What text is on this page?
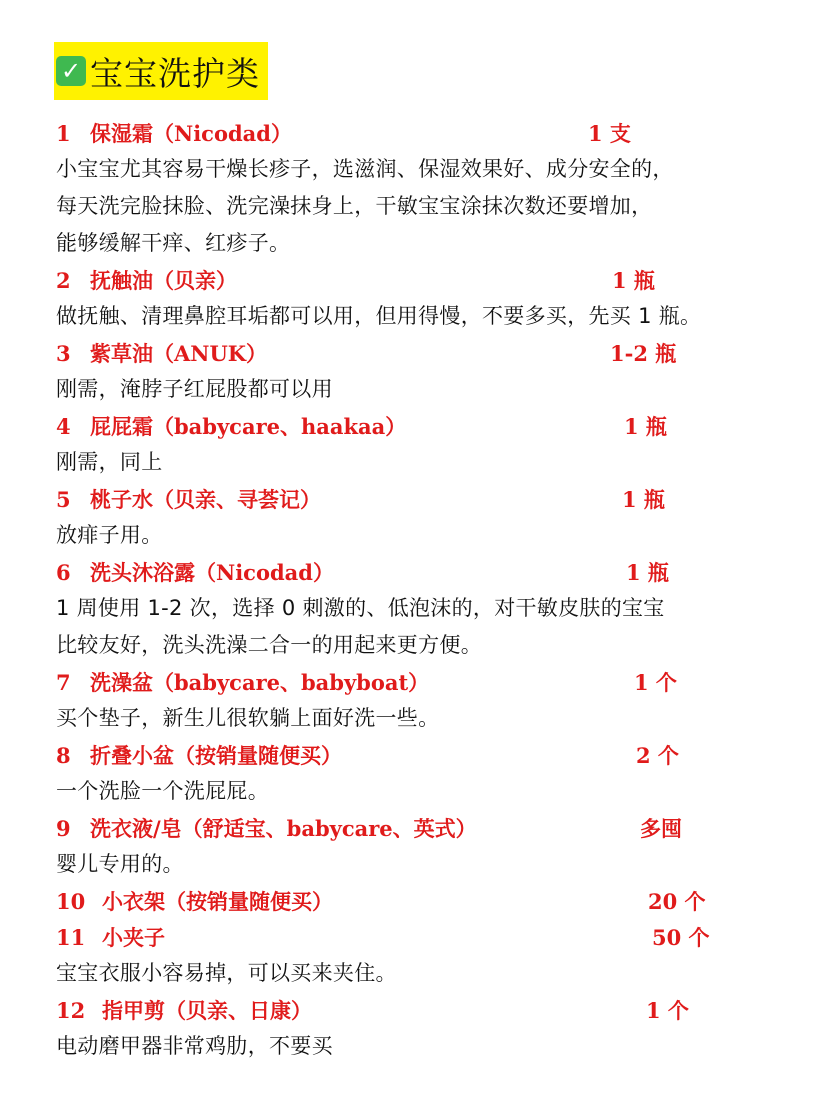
✓ 宝宝洗护类
1 保湿霜（Nicodad）	1 支
小宝宝尤其容易干燥长疹子，选滋润、保湿效果好、成分安全的，
每天洗完脸抹脸、洗完澡抹身上，干敏宝宝涂抹次数还要增加，
能够缓解干痒、红疹子。
2 抚触油（贝亲）	1 瓶
做抚触、清理鼻腔耳垢都可以用，但用得慢，不要多买，先买 1 瓶。
3 紫草油（ANUK）	1-2 瓶
刚需，淹脖子红屁股都可以用
4 屁屁霜（babycare、haakaa）	1 瓶
刚需，同上
5 桃子水（贝亲、寻荟记）	1 瓶
放痱子用。
6 洗头沐浴露（Nicodad）	1 瓶
1 周使用 1-2 次，选择 0 刺激的、低泡沫的，对干敏皮肤的宝宝
比较友好，洗头洗澡二合一的用起来更方便。
7 洗澡盆（babycare、babyboat）	1 个
买个垫子，新生儿很软躺上面好洗一些。
8 折叠小盆（按销量随便买）	2 个
一个洗脸一个洗屁屁。
9 洗衣液/皂（舒适宝、babycare、英式）	多囤
婴儿专用的。
10 小衣架（按销量随便买）	20 个
11 小夹子	50 个
宝宝衣服小容易掉，可以买来夹住。
12 指甲剪（贝亲、日康）	1 个
电动磨甲器非常鸡肋，不要买
